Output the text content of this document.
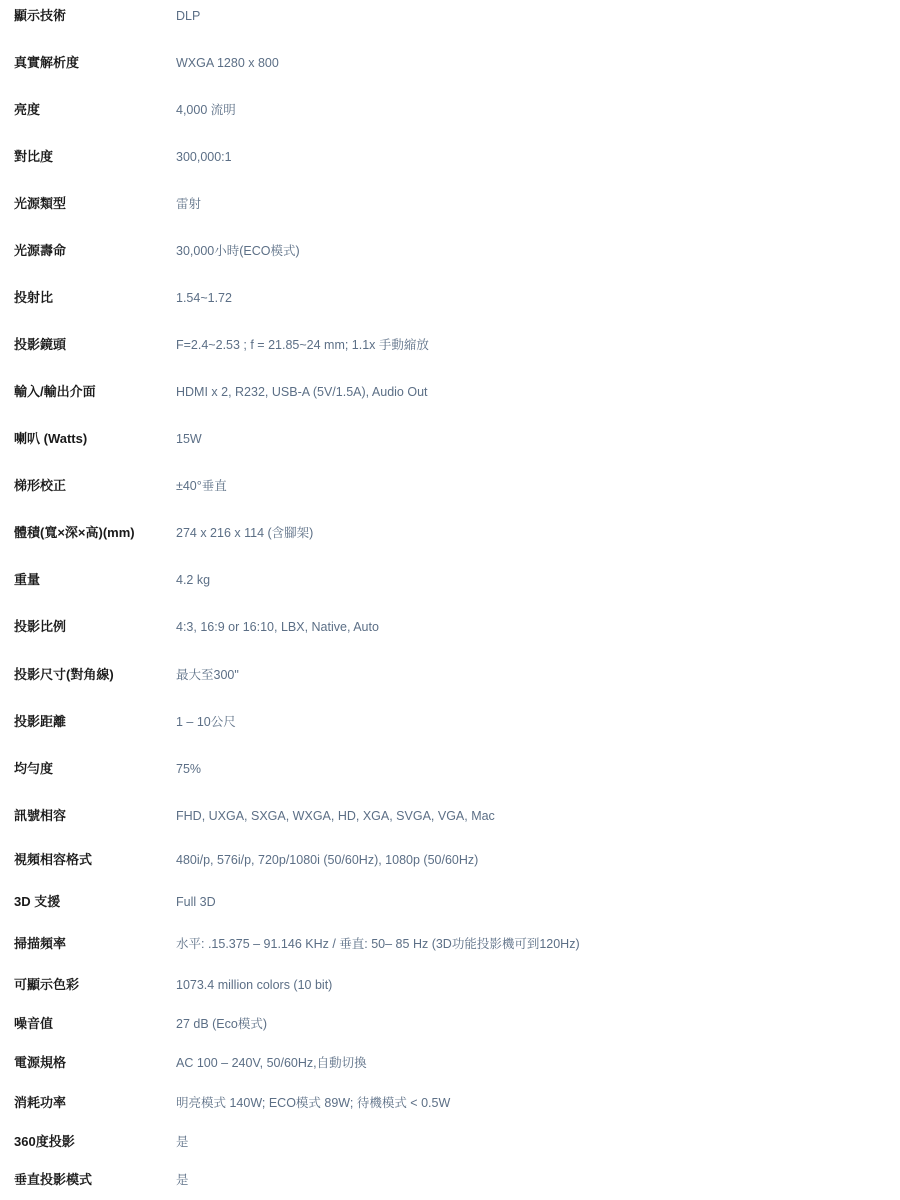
顯示技術	DLP
真實解析度	WXGA 1280 x 800
亮度	4,000 流明
對比度	300,000:1
光源類型	雷射
光源壽命	30,000小時(ECO模式)
投射比	1.54~1.72
投影鏡頭	F=2.4~2.53 ; f = 21.85~24 mm; 1.1x 手動縮放
輸入/輸出介面	HDMI x 2, R232, USB-A (5V/1.5A), Audio Out
喇叭 (Watts)	15W
梯形校正	±40°垂直
體積(寬×深×高)(mm)	274 x 216 x 114 (含腳架)
重量	4.2 kg
投影比例	4:3, 16:9 or 16:10, LBX, Native, Auto
投影尺寸(對角線)	最大至300"
投影距離	1 – 10公尺
均勻度	75%
訊號相容	FHD, UXGA, SXGA, WXGA, HD, XGA, SVGA, VGA, Mac
視頻相容格式	480i/p, 576i/p, 720p/1080i (50/60Hz), 1080p (50/60Hz)
3D 支援	Full 3D
掃描頻率	水平: .15.375 – 91.146 KHz / 垂直: 50– 85 Hz (3D功能投影機可到120Hz)
可顯示色彩	1073.4 million colors (10 bit)
噪音值	27 dB (Eco模式)
電源規格	AC 100 – 240V, 50/60Hz,自動切換
消耗功率	明亮模式 140W; ECO模式 89W; 待機模式 < 0.5W
360度投影	是
垂直投影模式	是
